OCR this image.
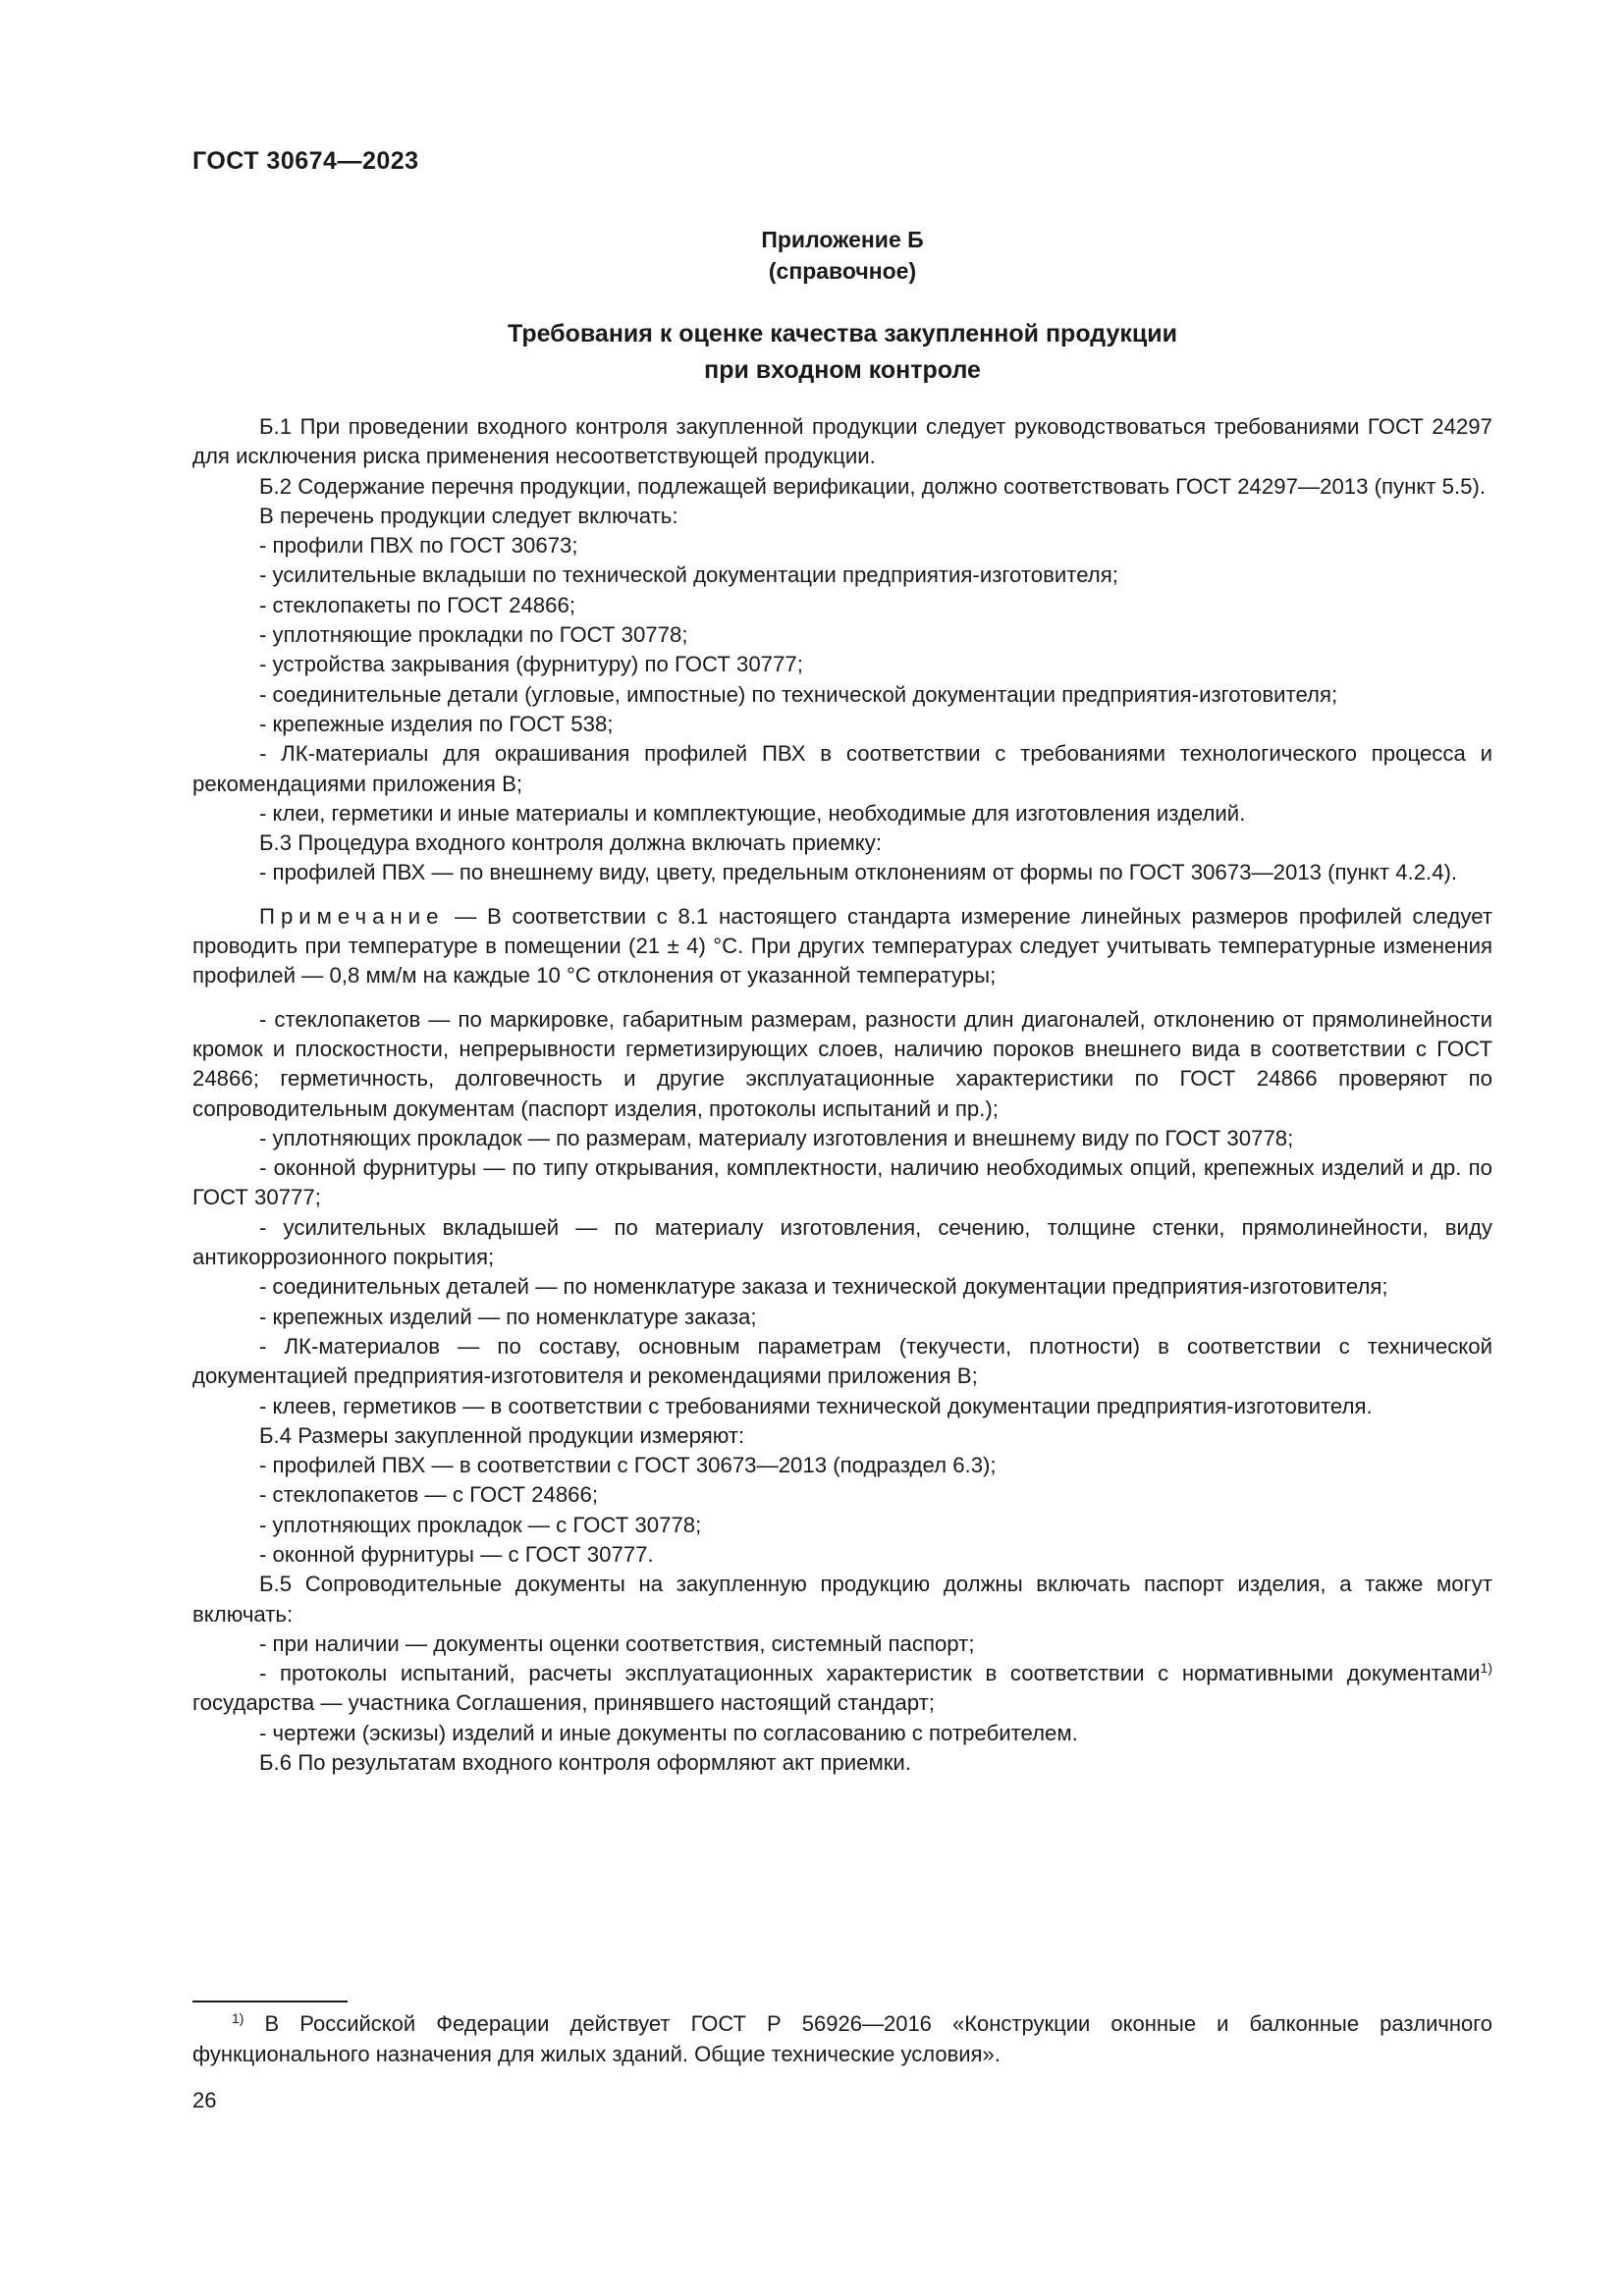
ГОСТ 30674—2023
Приложение Б
(справочное)
Требования к оценке качества закупленной продукции
при входном контроле

Б.1 При проведении входного контроля закупленной продукции следует руководствоваться требованиями ГОСТ 24297 для исключения риска применения несоответствующей продукции.

Б.2 Содержание перечня продукции, подлежащей верификации, должно соответствовать ГОСТ 24297—2013 (пункт 5.5).

В перечень продукции следует включать:

- профили ПВХ по ГОСТ 30673;

- усилительные вкладыши по технической документации предприятия-изготовителя;

- стеклопакеты по ГОСТ 24866;

- уплотняющие прокладки по ГОСТ 30778;

- устройства закрывания (фурнитуру) по ГОСТ 30777;

- соединительные детали (угловые, импостные) по технической документации предприятия-изготовителя;

- крепежные изделия по ГОСТ 538;

- ЛК-материалы для окрашивания профилей ПВХ в соответствии с требованиями технологического процесса и рекомендациями приложения В;

- клеи, герметики и иные материалы и комплектующие, необходимые для изготовления изделий.

Б.3 Процедура входного контроля должна включать приемку:

- профилей ПВХ — по внешнему виду, цвету, предельным отклонениям от формы по ГОСТ 30673—2013 (пункт 4.2.4).

Примечание — В соответствии с 8.1 настоящего стандарта измерение линейных размеров профилей следует проводить при температуре в помещении (21 ± 4) °С. При других температурах следует учитывать температурные изменения профилей — 0,8 мм/м на каждые 10 °С отклонения от указанной температуры;

- стеклопакетов — по маркировке, габаритным размерам, разности длин диагоналей, отклонению от прямолинейности кромок и плоскостности, непрерывности герметизирующих слоев, наличию пороков внешнего вида в соответствии с ГОСТ 24866; герметичность, долговечность и другие эксплуатационные характеристики по ГОСТ 24866 проверяют по сопроводительным документам (паспорт изделия, протоколы испытаний и пр.);

- уплотняющих прокладок — по размерам, материалу изготовления и внешнему виду по ГОСТ 30778;

- оконной фурнитуры — по типу открывания, комплектности, наличию необходимых опций, крепежных изделий и др. по ГОСТ 30777;

- усилительных вкладышей — по материалу изготовления, сечению, толщине стенки, прямолинейности, виду антикоррозионного покрытия;

- соединительных деталей — по номенклатуре заказа и технической документации предприятия-изготовителя;

- крепежных изделий — по номенклатуре заказа;

- ЛК-материалов — по составу, основным параметрам (текучести, плотности) в соответствии с технической документацией предприятия-изготовителя и рекомендациями приложения В;

- клеев, герметиков — в соответствии с требованиями технической документации предприятия-изготовителя.

Б.4 Размеры закупленной продукции измеряют:

- профилей ПВХ — в соответствии с ГОСТ 30673—2013 (подраздел 6.3);

- стеклопакетов — с ГОСТ 24866;

- уплотняющих прокладок — с ГОСТ 30778;

- оконной фурнитуры — с ГОСТ 30777.

Б.5 Сопроводительные документы на закупленную продукцию должны включать паспорт изделия, а также могут включать:

- при наличии — документы оценки соответствия, системный паспорт;

- протоколы испытаний, расчеты эксплуатационных характеристик в соответствии с нормативными документами$^{1)}$ государства — участника Соглашения, принявшего настоящий стандарт;

- чертежи (эскизы) изделий и иные документы по согласованию с потребителем.

Б.6 По результатам входного контроля оформляют акт приемки.

$^{1)}$ В Российской Федерации действует ГОСТ Р 56926—2016 «Конструкции оконные и балконные различного функционального назначения для жилых зданий. Общие технические условия».

26
